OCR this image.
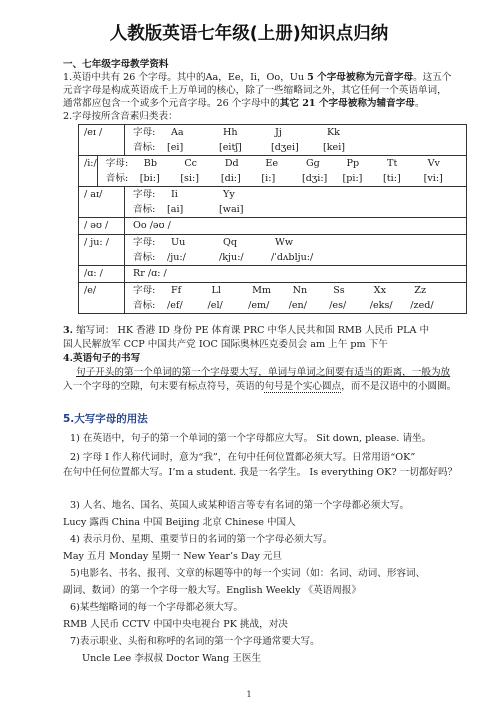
人教版英语七年级(上册)知识点归纳
一、七年级字母教学资料
1.英语中共有 26 个字母。其中的Aa，Ee，Ii，Oo，Uu 5 个字母被称为元音字母。这五个
元音字母是构成英语成千上万单词的核心，除了一些缩略词之外，其它任何一个英语单词，
通常都应包含一个或多个元音字母。26 个字母中的其它 21 个字母被称为辅音字母。
2.字母按所含音素归类表：
/eɪ /	字母:	Aa	Hh	Jj	Kk
音标:	[ei]	[eitʃ]	[dʒei]	[kei]
/i:/ 字母:	Bb	Cc	Dd	Ee	Gg	Pp	Tt	Vv
音标:	[bi:]	[si:]	[di:]	[i:]	[dʒi:]	[pi:]	[ti:]	[vi:]
/ aɪ/	字母:	Ii	Yy
音标:	[ai]	[wai]
/ əʊ /	Oo /əʊ /
/ ju: /	字母:	Uu	Qq	Ww
音标:	/ju:/	/kju:/	/ˈdʌblju:/
/ɑ: /	Rr /ɑ: /
/e/	字母:	Ff	Ll	Mm	Nn	Ss	Xx	Zz
音标:	/ef/	/el/	/em/	/en/	/es/	/eks/	/zed/
3. 缩写词： HK 香港 ID 身份 PE 体育课 PRC 中华人民共和国 RMB 人民币 PLA 中
国人民解放军 CCP 中国共产党 IOC 国际奥林匹克委员会 am 上午 pm 下午
4.英语句子的书写
句子开头的第一个单词的第一个字母要大写，单词与单词之间要有适当的距离，一般为放
入一个字母的空隙，句末要有标点符号，英语的句号是个实心圆点，而不是汉语中的小圆圈。
5.大写字母的用法
1) 在英语中，句子的第一个单词的第一个字母都应大写。 Sit down, please. 请坐。
2) 字母 I 作人称代词时，意为“我”，在句中任何位置都必须大写。日常用语“OK”
在句中任何位置都大写。I’m a student. 我是一名学生。 Is everything OK? 一切都好吗？
3) 人名、地名、国名、英国人或某种语言等专有名词的第一个字母都必须大写。
Lucy 露西 China 中国 Beijing 北京 Chinese 中国人
4) 表示月份、星期、重要节日的名词的第一个字母必须大写。
May 五月 Monday 星期一 New Year’s Day 元旦
5)电影名、书名、报刊、文章的标题等中的每一个实词（如：名词、动词、形容词、
副词、数词）的第一个字母一般大写。English Weekly 《英语周报》
6)某些缩略词的每一个字母都必须大写。
RMB 人民币 CCTV 中国中央电视台 PK 挑战，对决
7)表示职业、头衔和称呼的名词的第一个字母通常要大写。
Uncle Lee 李叔叔 Doctor Wang 王医生
1
